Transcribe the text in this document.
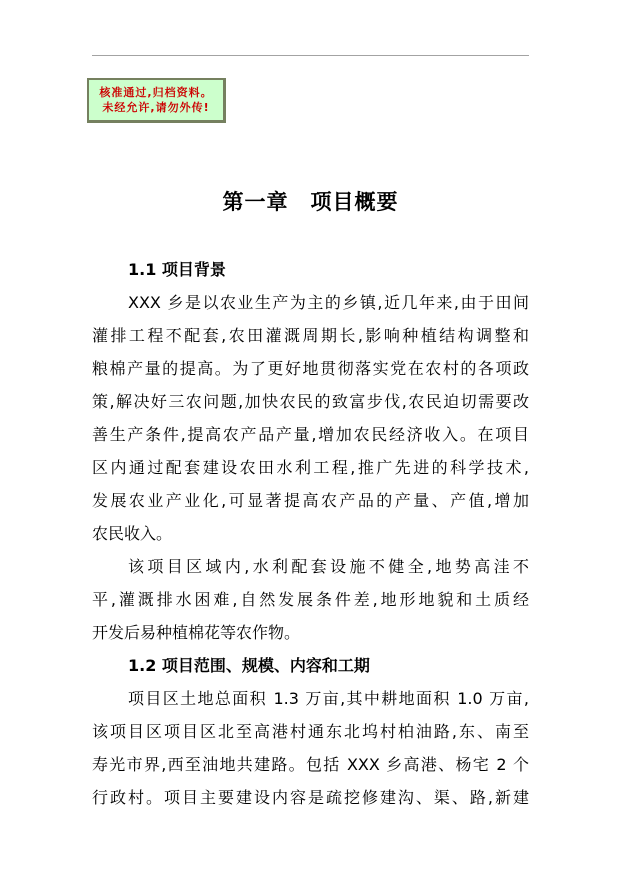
核准通过,归档资料。
未经允许,请勿外传!
第一章　项目概要
1.1 项目背景
XXX 乡是以农业生产为主的乡镇,近几年来,由于田间
灌排工程不配套,农田灌溉周期长,影响种植结构调整和
粮棉产量的提高。为了更好地贯彻落实党在农村的各项政
策,解决好三农问题,加快农民的致富步伐,农民迫切需要改
善生产条件,提高农产品产量,增加农民经济收入。在项目
区内通过配套建设农田水利工程,推广先进的科学技术,
发展农业产业化,可显著提高农产品的产量、产值,增加
农民收入。
该项目区域内,水利配套设施不健全,地势高洼不
平,灌溉排水困难,自然发展条件差,地形地貌和土质经
开发后易种植棉花等农作物。
1.2 项目范围、规模、内容和工期
项目区土地总面积 1.3 万亩,其中耕地面积 1.0 万亩,
该项目区项目区北至高港村通东北坞村柏油路,东、南至
寿光市界,西至油地共建路。包括 XXX 乡高港、杨宅 2 个
行政村。项目主要建设内容是疏挖修建沟、渠、路,新建
